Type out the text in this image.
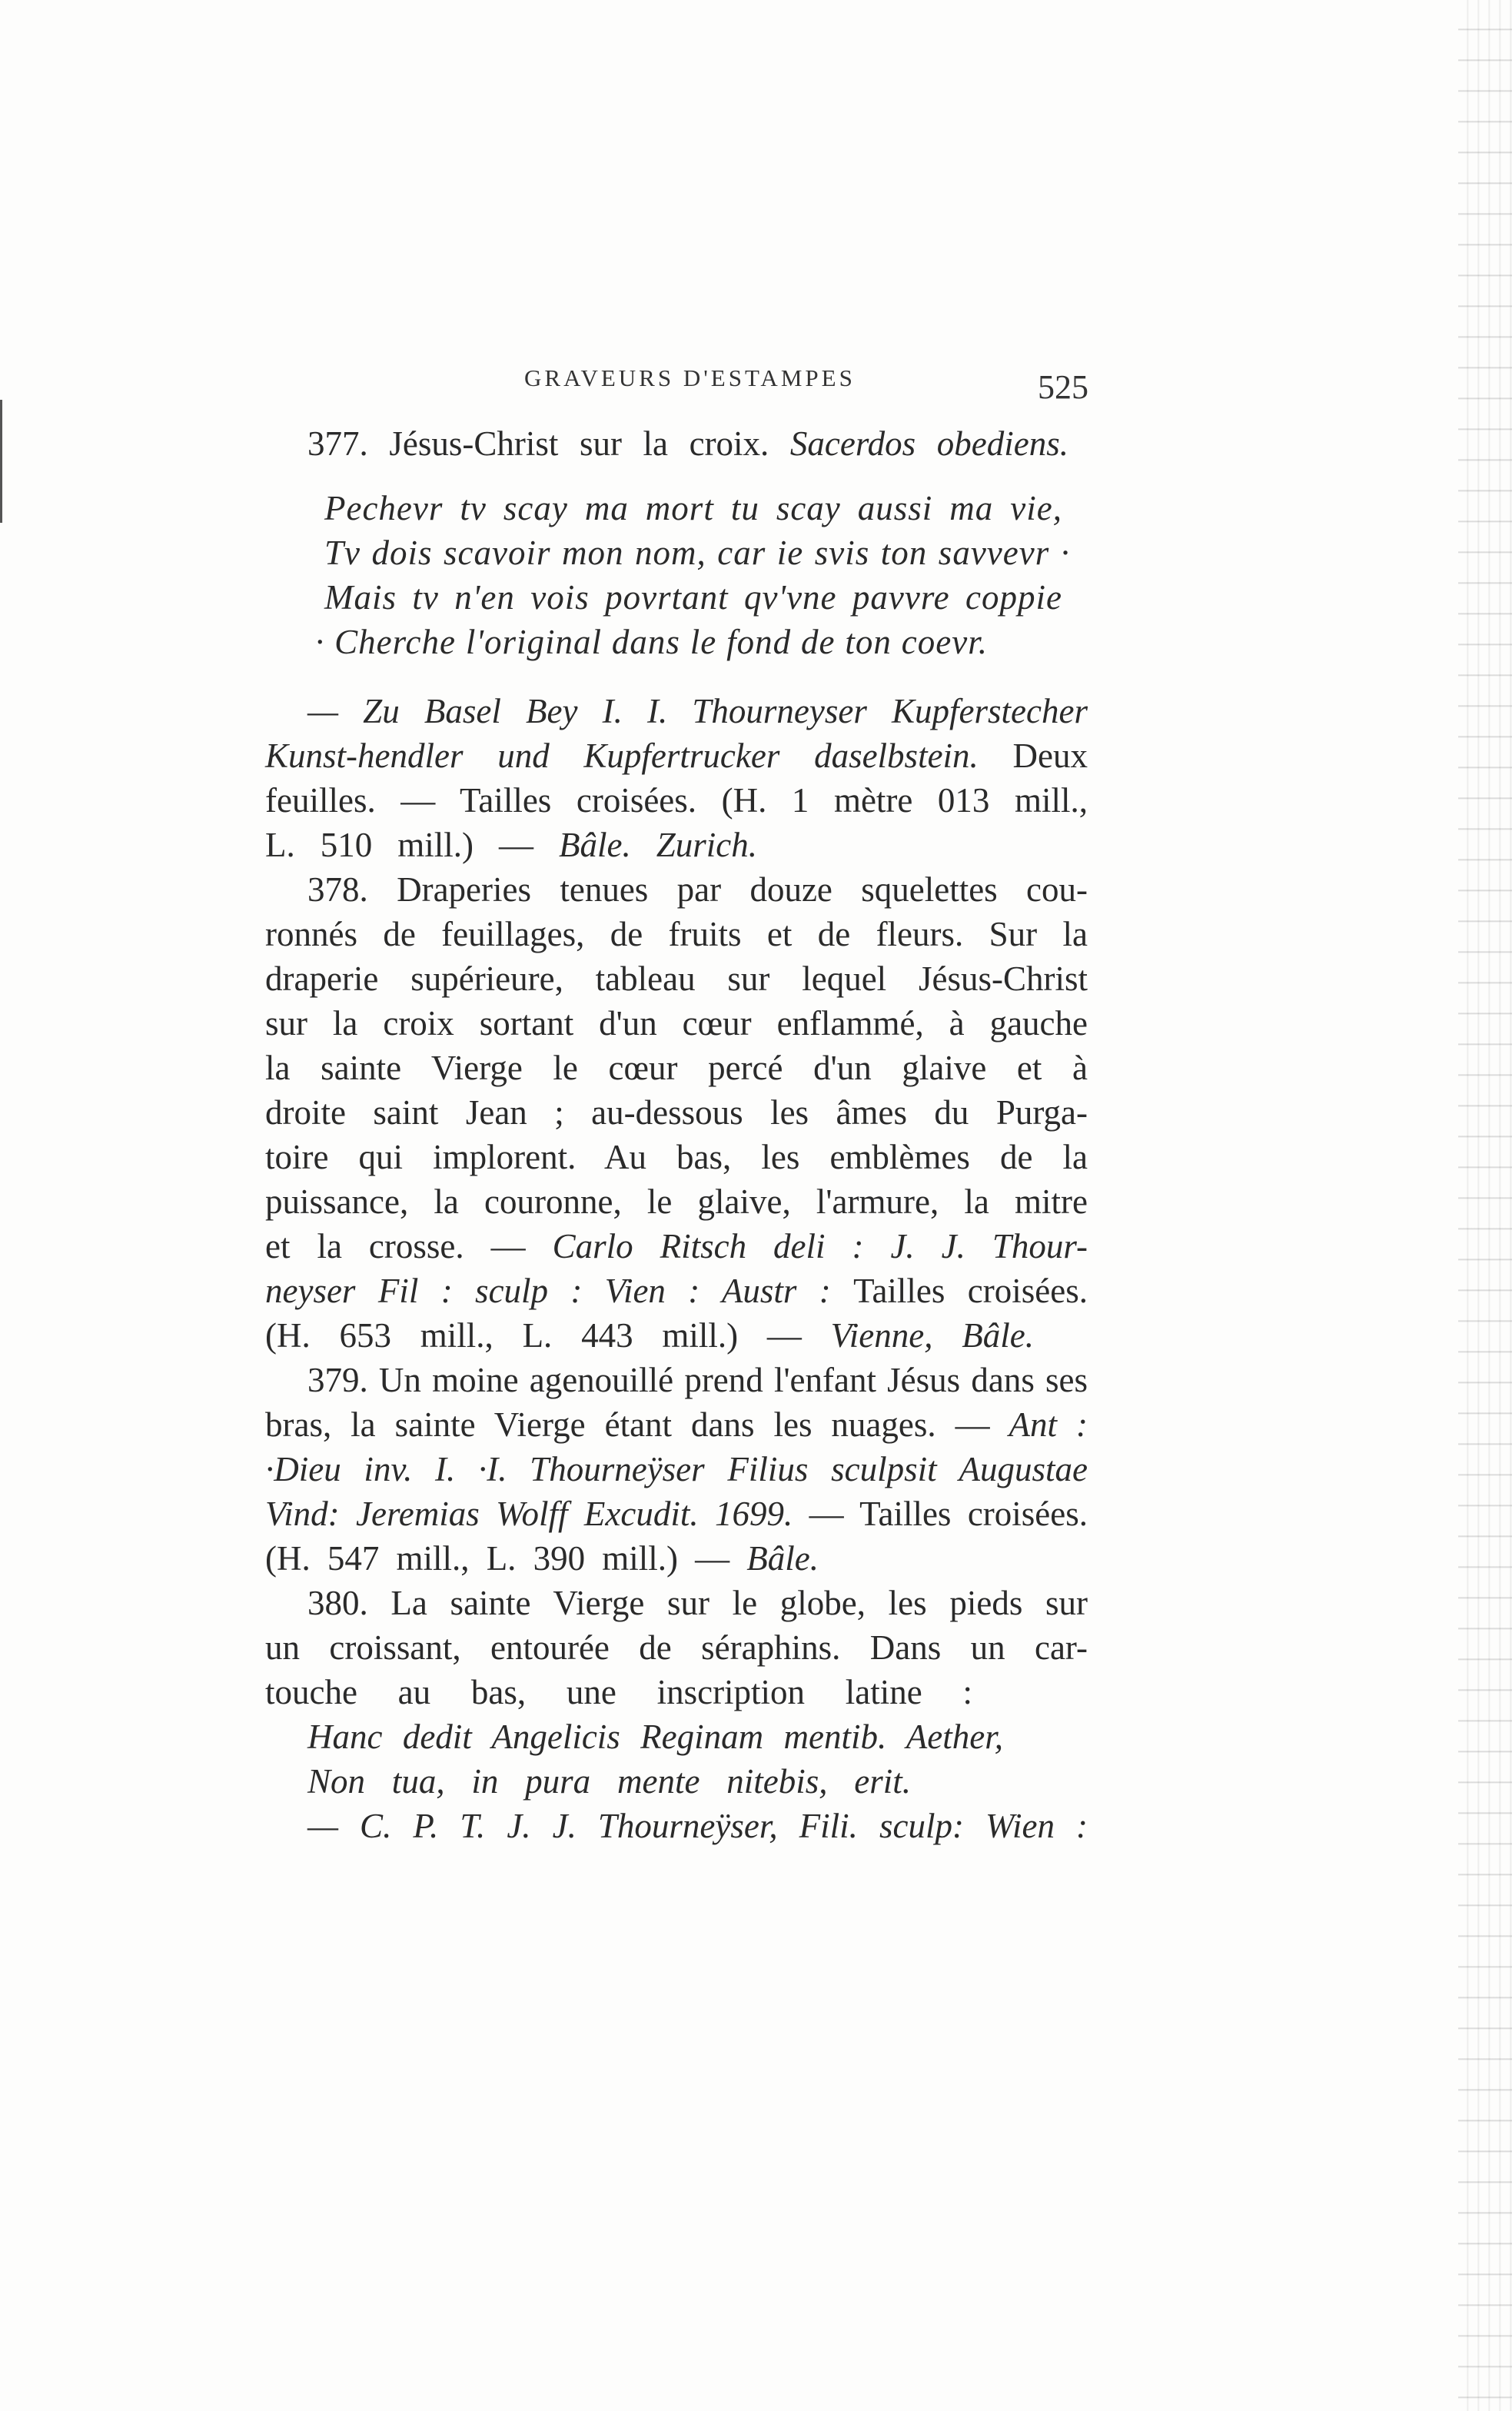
GRAVEURS D'ESTAMPES	525
377. Jésus-Christ sur la croix. Sacerdos obediens.
Pechevr tv scay ma mort tu scay aussi ma vie,
Tv dois scavoir mon nom, car ie svis ton savvevr ·
Mais tv n'en vois povrtant qv'vne pavvre coppie
· Cherche l'original dans le fond de ton coevr.
— Zu Basel Bey I. I. Thourneyser Kupferstecher
Kunst-hendler und Kupfertrucker daselbstein. Deux
feuilles. — Tailles croisées. (H. 1 mètre 013 mill.,
L. 510 mill.) — Bâle. Zurich.
378. Draperies tenues par douze squelettes cou-
ronnés de feuillages, de fruits et de fleurs. Sur la
draperie supérieure, tableau sur lequel Jésus-Christ
sur la croix sortant d'un cœur enflammé, à gauche
la sainte Vierge le cœur percé d'un glaive et à
droite saint Jean ; au-dessous les âmes du Purga-
toire qui implorent. Au bas, les emblèmes de la
puissance, la couronne, le glaive, l'armure, la mitre
et la crosse. — Carlo Ritsch deli : J. J. Thour-
neyser Fil : sculp : Vien : Austr : Tailles croisées.
(H. 653 mill., L. 443 mill.) — Vienne, Bâle.
379. Un moine agenouillé prend l'enfant Jésus dans ses
bras, la sainte Vierge étant dans les nuages. — Ant :
·Dieu inv. I. ·I. Thourneÿser Filius sculpsit Augustae
Vind: Jeremias Wolff Excudit. 1699. — Tailles croisées.
(H. 547 mill., L. 390 mill.) — Bâle.
380. La sainte Vierge sur le globe, les pieds sur
un croissant, entourée de séraphins. Dans un car-
touche au bas, une inscription latine :
Hanc dedit Angelicis Reginam mentib. Aether,
Non tua, in pura mente nitebis, erit.
— C. P. T. J. J. Thourneÿser, Fili. sculp: Wien :
